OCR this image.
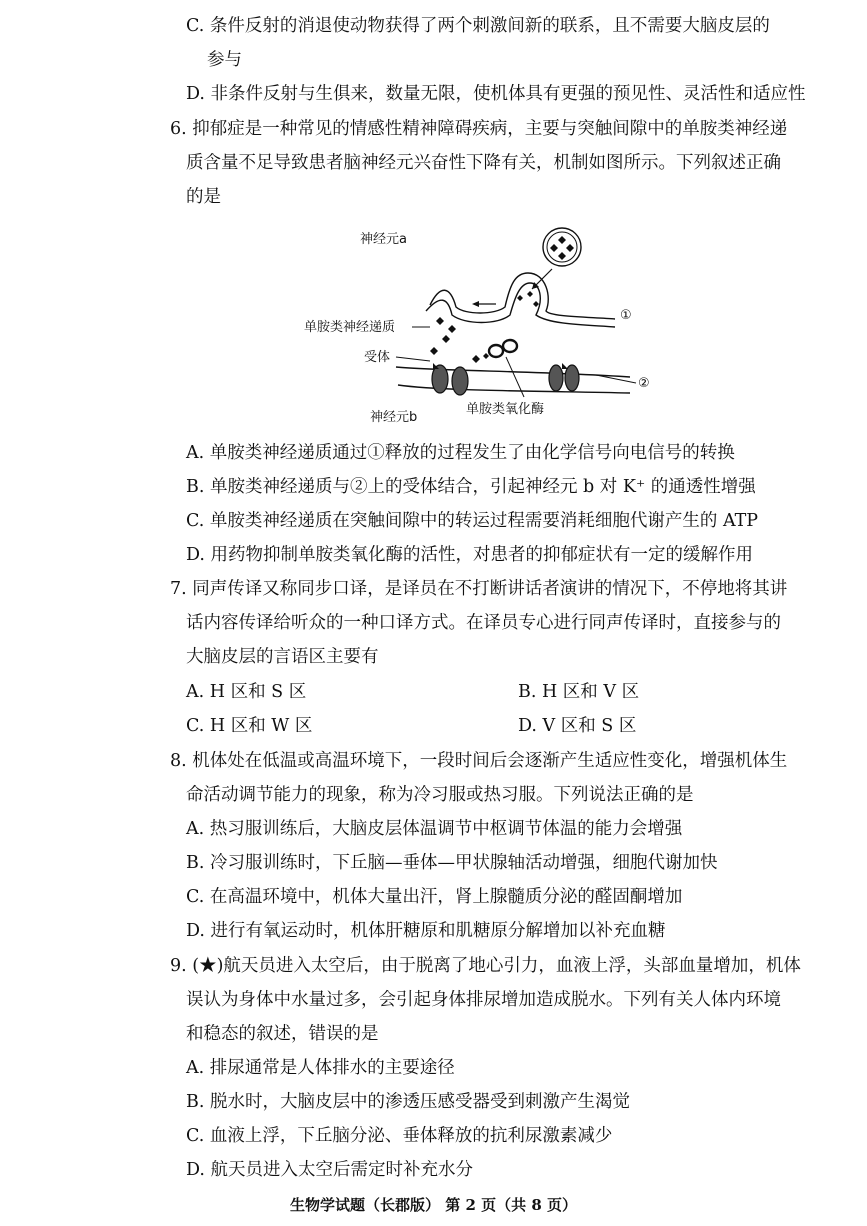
C. 条件反射的消退使动物获得了两个刺激间新的联系，且不需要大脑皮层的
参与
D. 非条件反射与生俱来，数量无限，使机体具有更强的预见性、灵活性和适应性
6. 抑郁症是一种常见的情感性精神障碍疾病，主要与突触间隙中的单胺类神经递
质含量不足导致患者脑神经元兴奋性下降有关，机制如图所示。下列叙述正确
的是
神经元a
①
单胺类神经递质
受体
②
单胺类氧化酶
神经元b
A. 单胺类神经递质通过①释放的过程发生了由化学信号向电信号的转换
B. 单胺类神经递质与②上的受体结合，引起神经元 b 对 K⁺ 的通透性增强
C. 单胺类神经递质在突触间隙中的转运过程需要消耗细胞代谢产生的 ATP
D. 用药物抑制单胺类氧化酶的活性，对患者的抑郁症状有一定的缓解作用
7. 同声传译又称同步口译，是译员在不打断讲话者演讲的情况下，不停地将其讲
话内容传译给听众的一种口译方式。在译员专心进行同声传译时，直接参与的
大脑皮层的言语区主要有
A. H 区和 S 区	B. H 区和 V 区
C. H 区和 W 区	D. V 区和 S 区
8. 机体处在低温或高温环境下，一段时间后会逐渐产生适应性变化，增强机体生
命活动调节能力的现象，称为冷习服或热习服。下列说法正确的是
A. 热习服训练后，大脑皮层体温调节中枢调节体温的能力会增强
B. 冷习服训练时，下丘脑—垂体—甲状腺轴活动增强，细胞代谢加快
C. 在高温环境中，机体大量出汗，肾上腺髓质分泌的醛固酮增加
D. 进行有氧运动时，机体肝糖原和肌糖原分解增加以补充血糖
9. (★)航天员进入太空后，由于脱离了地心引力，血液上浮，头部血量增加，机体
误认为身体中水量过多，会引起身体排尿增加造成脱水。下列有关人体内环境
和稳态的叙述，错误的是
A. 排尿通常是人体排水的主要途径
B. 脱水时，大脑皮层中的渗透压感受器受到刺激产生渴觉
C. 血液上浮，下丘脑分泌、垂体释放的抗利尿激素减少
D. 航天员进入太空后需定时补充水分
生物学试题（长郡版） 第 2 页（共 8 页）
